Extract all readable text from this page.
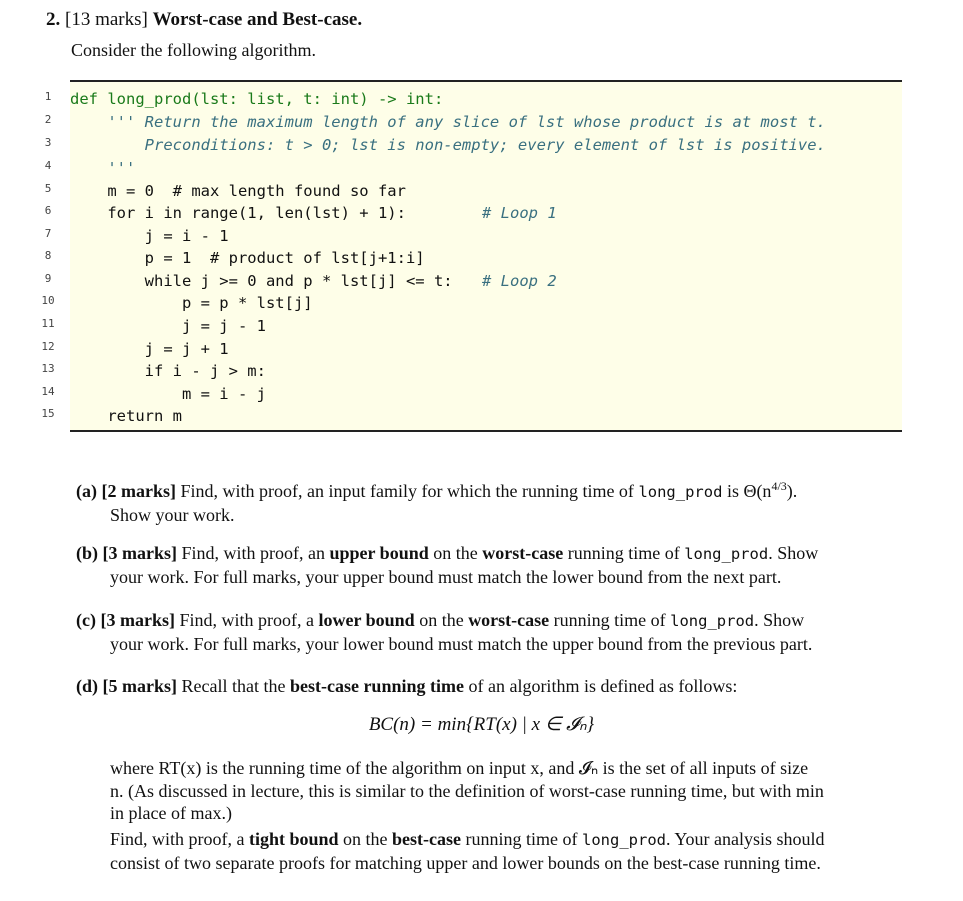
2. [13 marks] Worst-case and Best-case.
Consider the following algorithm.
1
2
3
4
5
6
7
8
9
10
11
12
13
14
15
def long_prod(lst: list, t: int) -> int:
''' Return the maximum length of any slice of lst whose product is at most t.
Preconditions: t > 0; lst is non-empty; every element of lst is positive.
'''
m = 0  # max length found so far
for i in range(1, len(lst) + 1):
j = i - 1
p = 1  # product of lst[j+1:i]
while j >= 0 and p * lst[j] <= t:
p = p * lst[j]
j = j - 1
j = j + 1
if i - j > m:
m = i - j
return m
# Loop 1
# Loop 2
(a) [2 marks] Find, with proof, an input family for which the running time of long_prod is $\Theta(n^{4/3})$.
Show your work.
(b) [3 marks] Find, with proof, an upper bound on the worst-case running time of long_prod. Show
your work. For full marks, your upper bound must match the lower bound from the next part.
(c) [3 marks] Find, with proof, a lower bound on the worst-case running time of long_prod. Show
your work. For full marks, your lower bound must match the upper bound from the previous part.
(d) [5 marks] Recall that the best-case running time of an algorithm is defined as follows:
BC(n) = min{RT(x) | x ∈ 𝓘ₙ}
where RT(x) is the running time of the algorithm on input x, and 𝓘ₙ is the set of all inputs of size
n. (As discussed in lecture, this is similar to the definition of worst-case running time, but with min
in place of max.)
Find, with proof, a tight bound on the best-case running time of long_prod. Your analysis should
consist of two separate proofs for matching upper and lower bounds on the best-case running time.
